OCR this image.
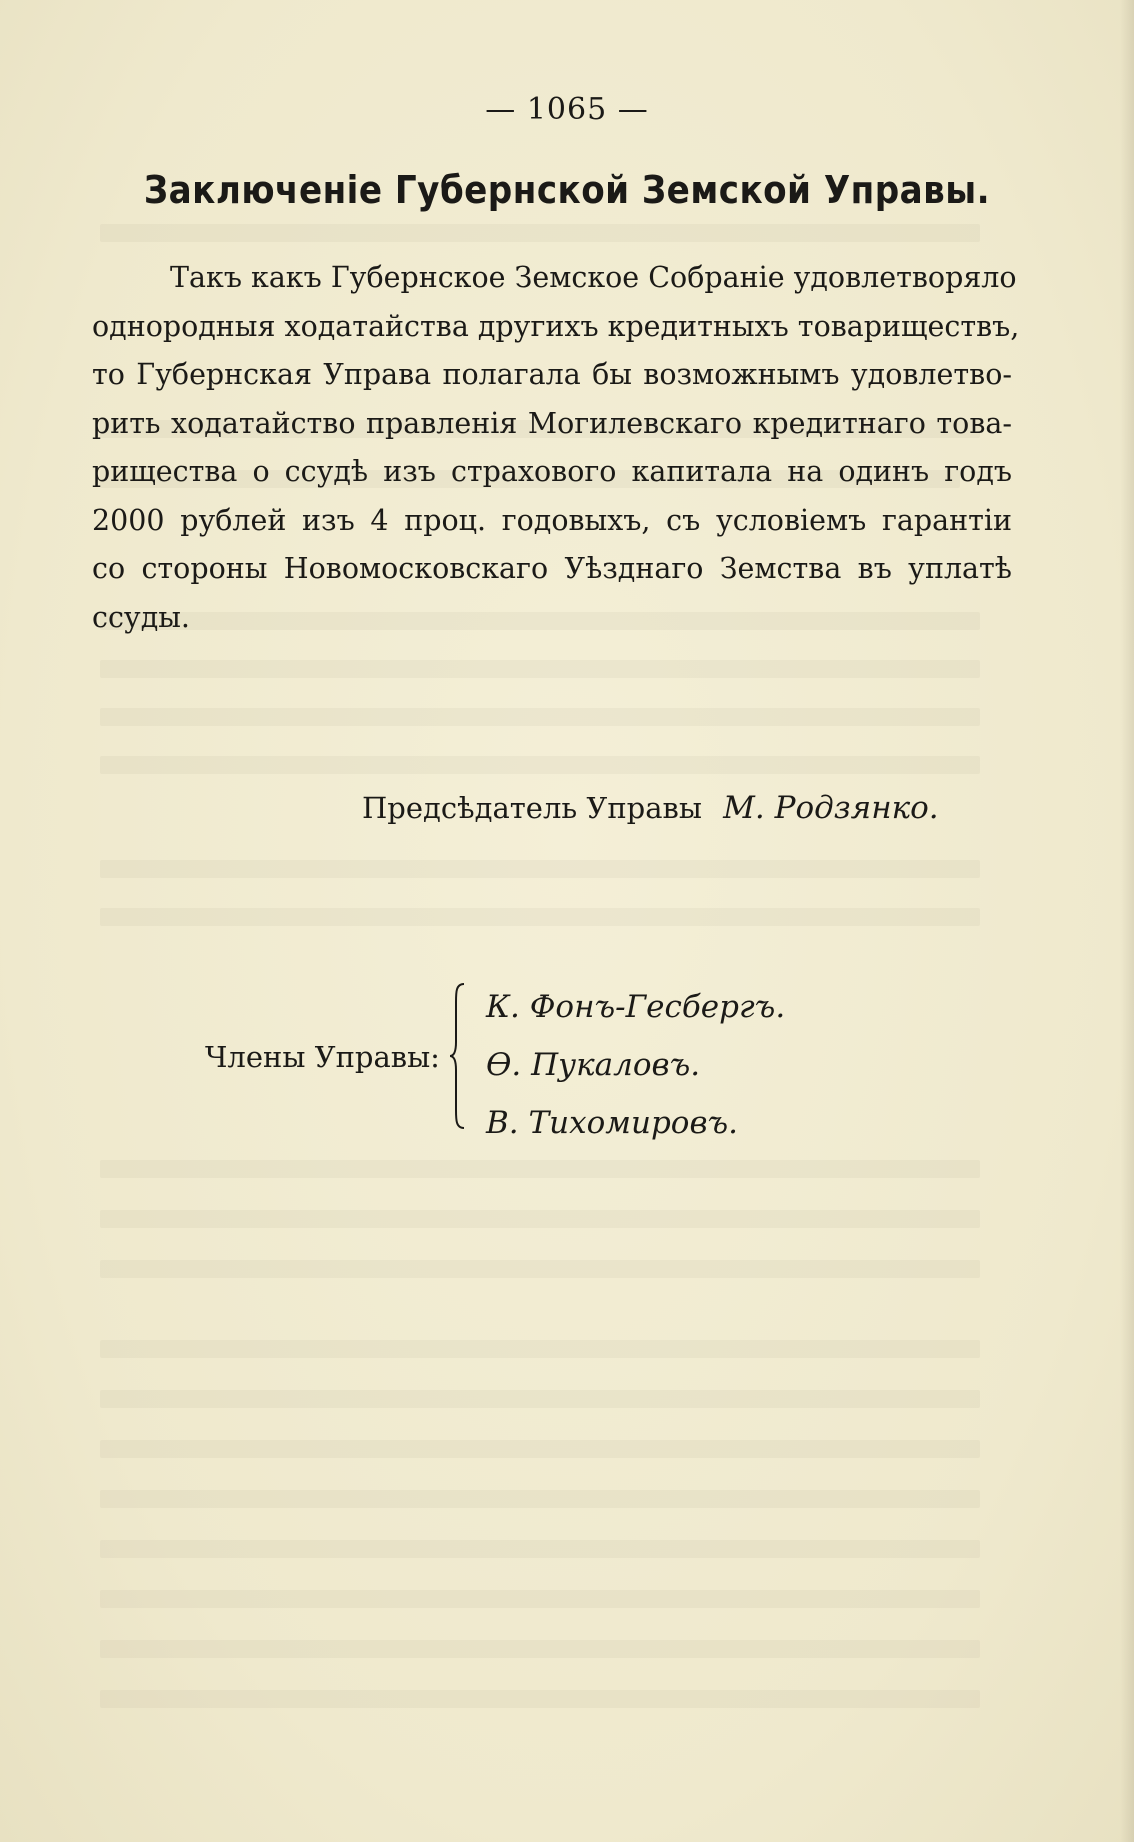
— 1065 —
Заключеніе Губернской Земской Управы.
Такъ какъ Губернское Земское Собраніе удовлетворяло
однородныя ходатайства другихъ кредитныхъ товариществъ,
то Губернская Управа полагала бы возможнымъ удовлетво-
рить ходатайство правленія Могилевскаго кредитнаго това-
рищества о ссудѣ изъ страхового капитала на одинъ годъ
2000 рублей изъ 4 проц. годовыхъ, съ условіемъ гарантіи
со стороны Новомосковскаго Уѣзднаго Земства въ уплатѣ
ссуды.
Предсѣдатель Управы М. Родзянко.
Члены Управы:
К. Фонъ-Гесбергъ.
Ѳ. Пукаловъ.
В. Тихомировъ.
